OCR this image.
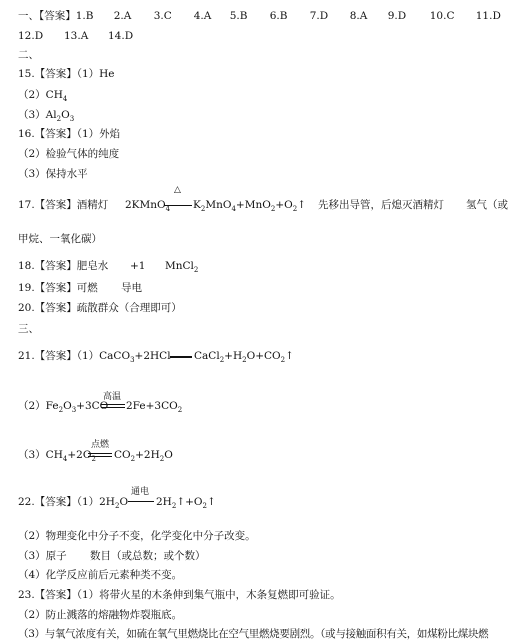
一、【答案】1.B 2.A 3.C 4.A 5.B 6.B 7.D 8.A 9.D 10.C 11.D
12.D 13.A 14.D
二、
15.【答案】（1）He
$(2)CH_4$
$(3)Al_2O_3$
16.【答案】（1）外焰
（2）检验气体的纯度
（3）保持水平
17.【答案】酒精灯 2KMnO$_4$
△
$K_2MnO_4+MnO_2+O_2↑$ 先移出导管，后熄灭酒精灯 氢气（或
甲烷、一氧化碳）
18.【答案】肥皂水 +1 MnCl$_2$
19.【答案】可燃 导电
20.【答案】疏散群众（合理即可）
三、
21.【答案】（1）CaCO$_3$+2HCl $CaCl_2+H_2O+CO_2↑$
$(2)Fe_2O_3+3CO$
高温
$2Fe+3CO_2$
$(3)CH_4+2O_2$
点燃
$CO_2+2H_2O$
22.【答案】$(1)2H_2O$
通电
$2H_2↑+O_2↑$
（2）物理变化中分子不变，化学变化中分子改变。
（3）原子 数目（或总数；或个数）
（4）化学反应前后元素种类不变。
23.【答案】（1）将带火星的木条伸到集气瓶中，木条复燃即可验证。
（2）防止溅落的熔融物炸裂瓶底。
（3）与氧气浓度有关，如硫在氧气里燃烧比在空气里燃烧要剧烈。（或与接触面积有关，如煤粉比煤块燃
